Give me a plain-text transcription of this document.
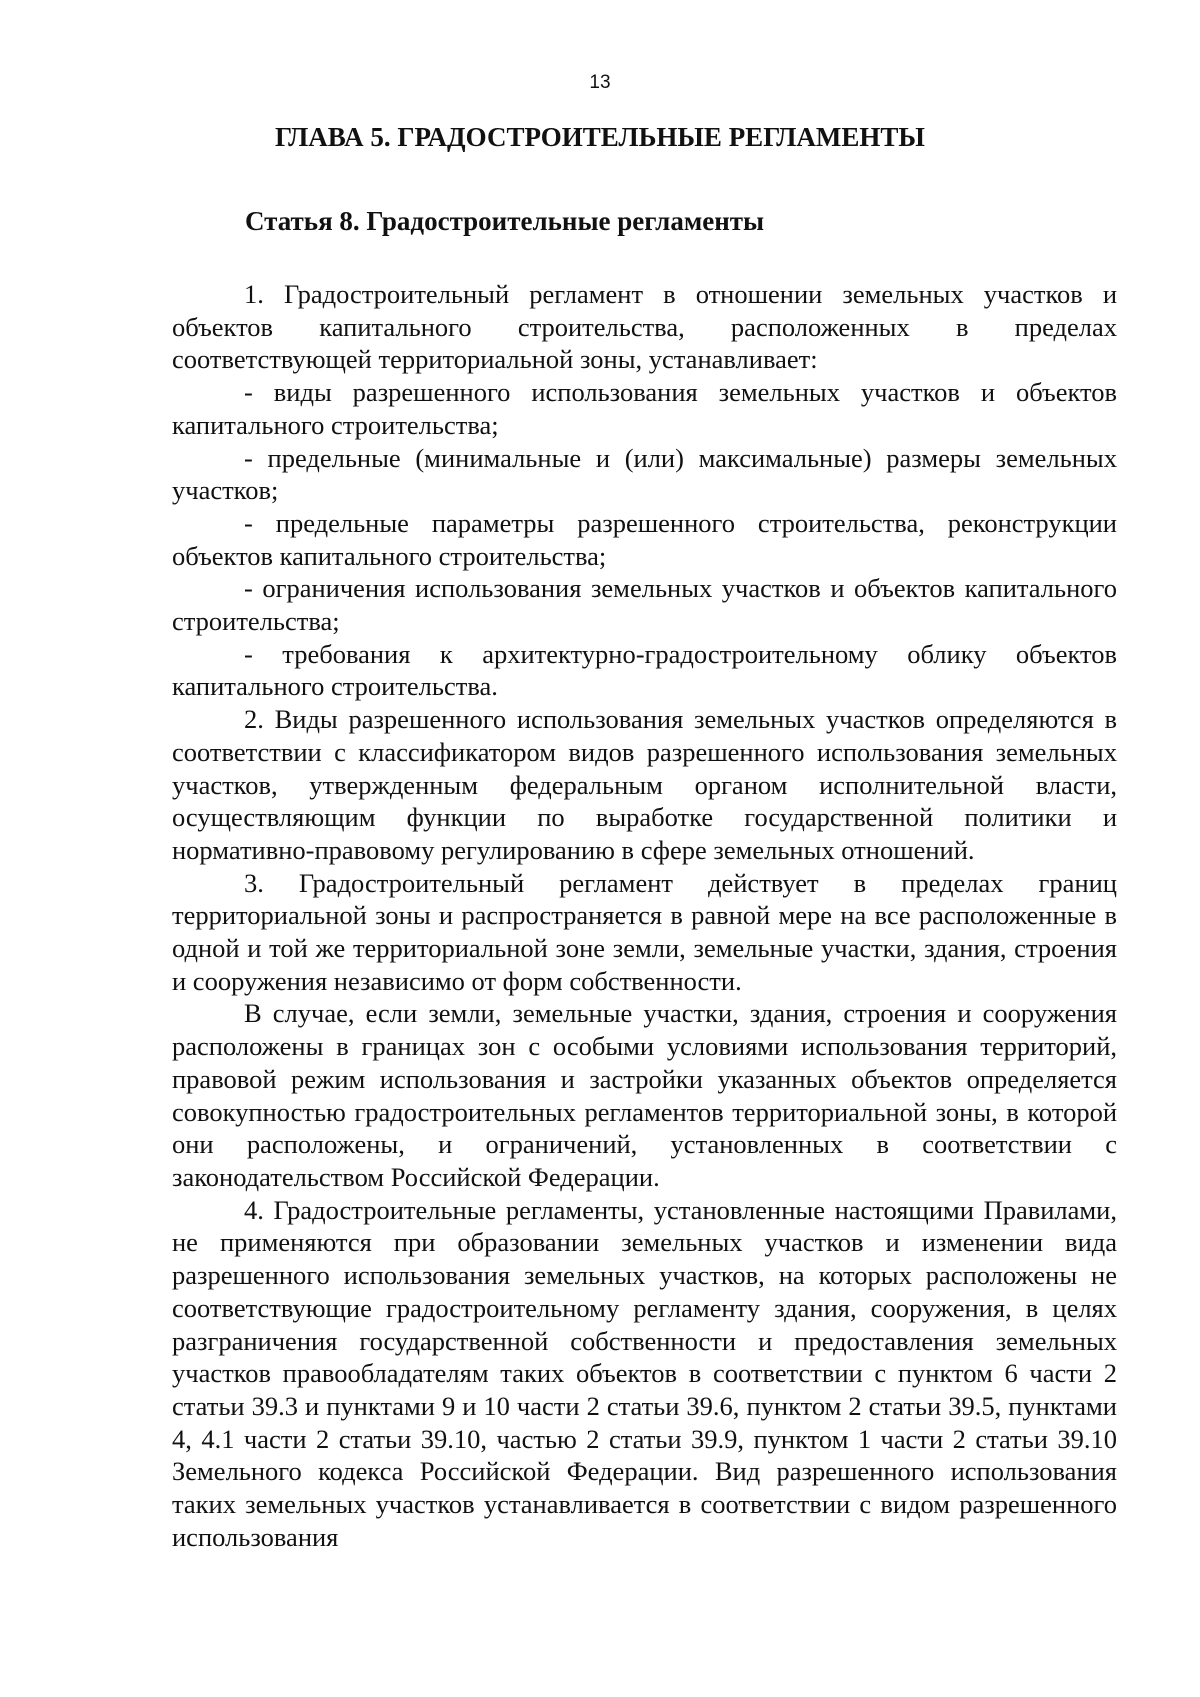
13
ГЛАВА 5. ГРАДОСТРОИТЕЛЬНЫЕ РЕГЛАМЕНТЫ
Статья 8. Градостроительные регламенты

1. Градостроительный регламент в отношении земельных участков и объектов капитального строительства, расположенных в пределах соответствующей территориальной зоны, устанавливает:

- виды разрешенного использования земельных участков и объектов капитального строительства;

- предельные (минимальные и (или) максимальные) размеры земельных участков;

- предельные параметры разрешенного строительства, реконструкции объектов капитального строительства;

- ограничения использования земельных участков и объектов капитального строительства;

- требования к архитектурно-градостроительному облику объектов капитального строительства.

2. Виды разрешенного использования земельных участков определяются в соответствии с классификатором видов разрешенного использования земельных участков, утвержденным федеральным органом исполнительной власти, осуществляющим функции по выработке государственной политики и нормативно-правовому регулированию в сфере земельных отношений.

3. Градостроительный регламент действует в пределах границ территориальной зоны и распространяется в равной мере на все расположенные в одной и той же территориальной зоне земли, земельные участки, здания, строения и сооружения независимо от форм собственности.

В случае, если земли, земельные участки, здания, строения и сооружения расположены в границах зон с особыми условиями использования территорий, правовой режим использования и застройки указанных объектов определяется совокупностью градостроительных регламентов территориальной зоны, в которой они расположены, и ограничений, установленных в соответствии с законодательством Российской Федерации.

4. Градостроительные регламенты, установленные настоящими Правилами, не применяются при образовании земельных участков и изменении вида разрешенного использования земельных участков, на которых расположены не соответствующие градостроительному регламенту здания, сооружения, в целях разграничения государственной собственности и предоставления земельных участков правообладателям таких объектов в соответствии с пунктом 6 части 2 статьи 39.3 и пунктами 9 и 10 части 2 статьи 39.6, пунктом 2 статьи 39.5, пунктами 4, 4.1 части 2 статьи 39.10, частью 2 статьи 39.9, пунктом 1 части 2 статьи 39.10 Земельного кодекса Российской Федерации. Вид разрешенного использования таких земельных участков устанавливается в соответствии с видом разрешенного использования
